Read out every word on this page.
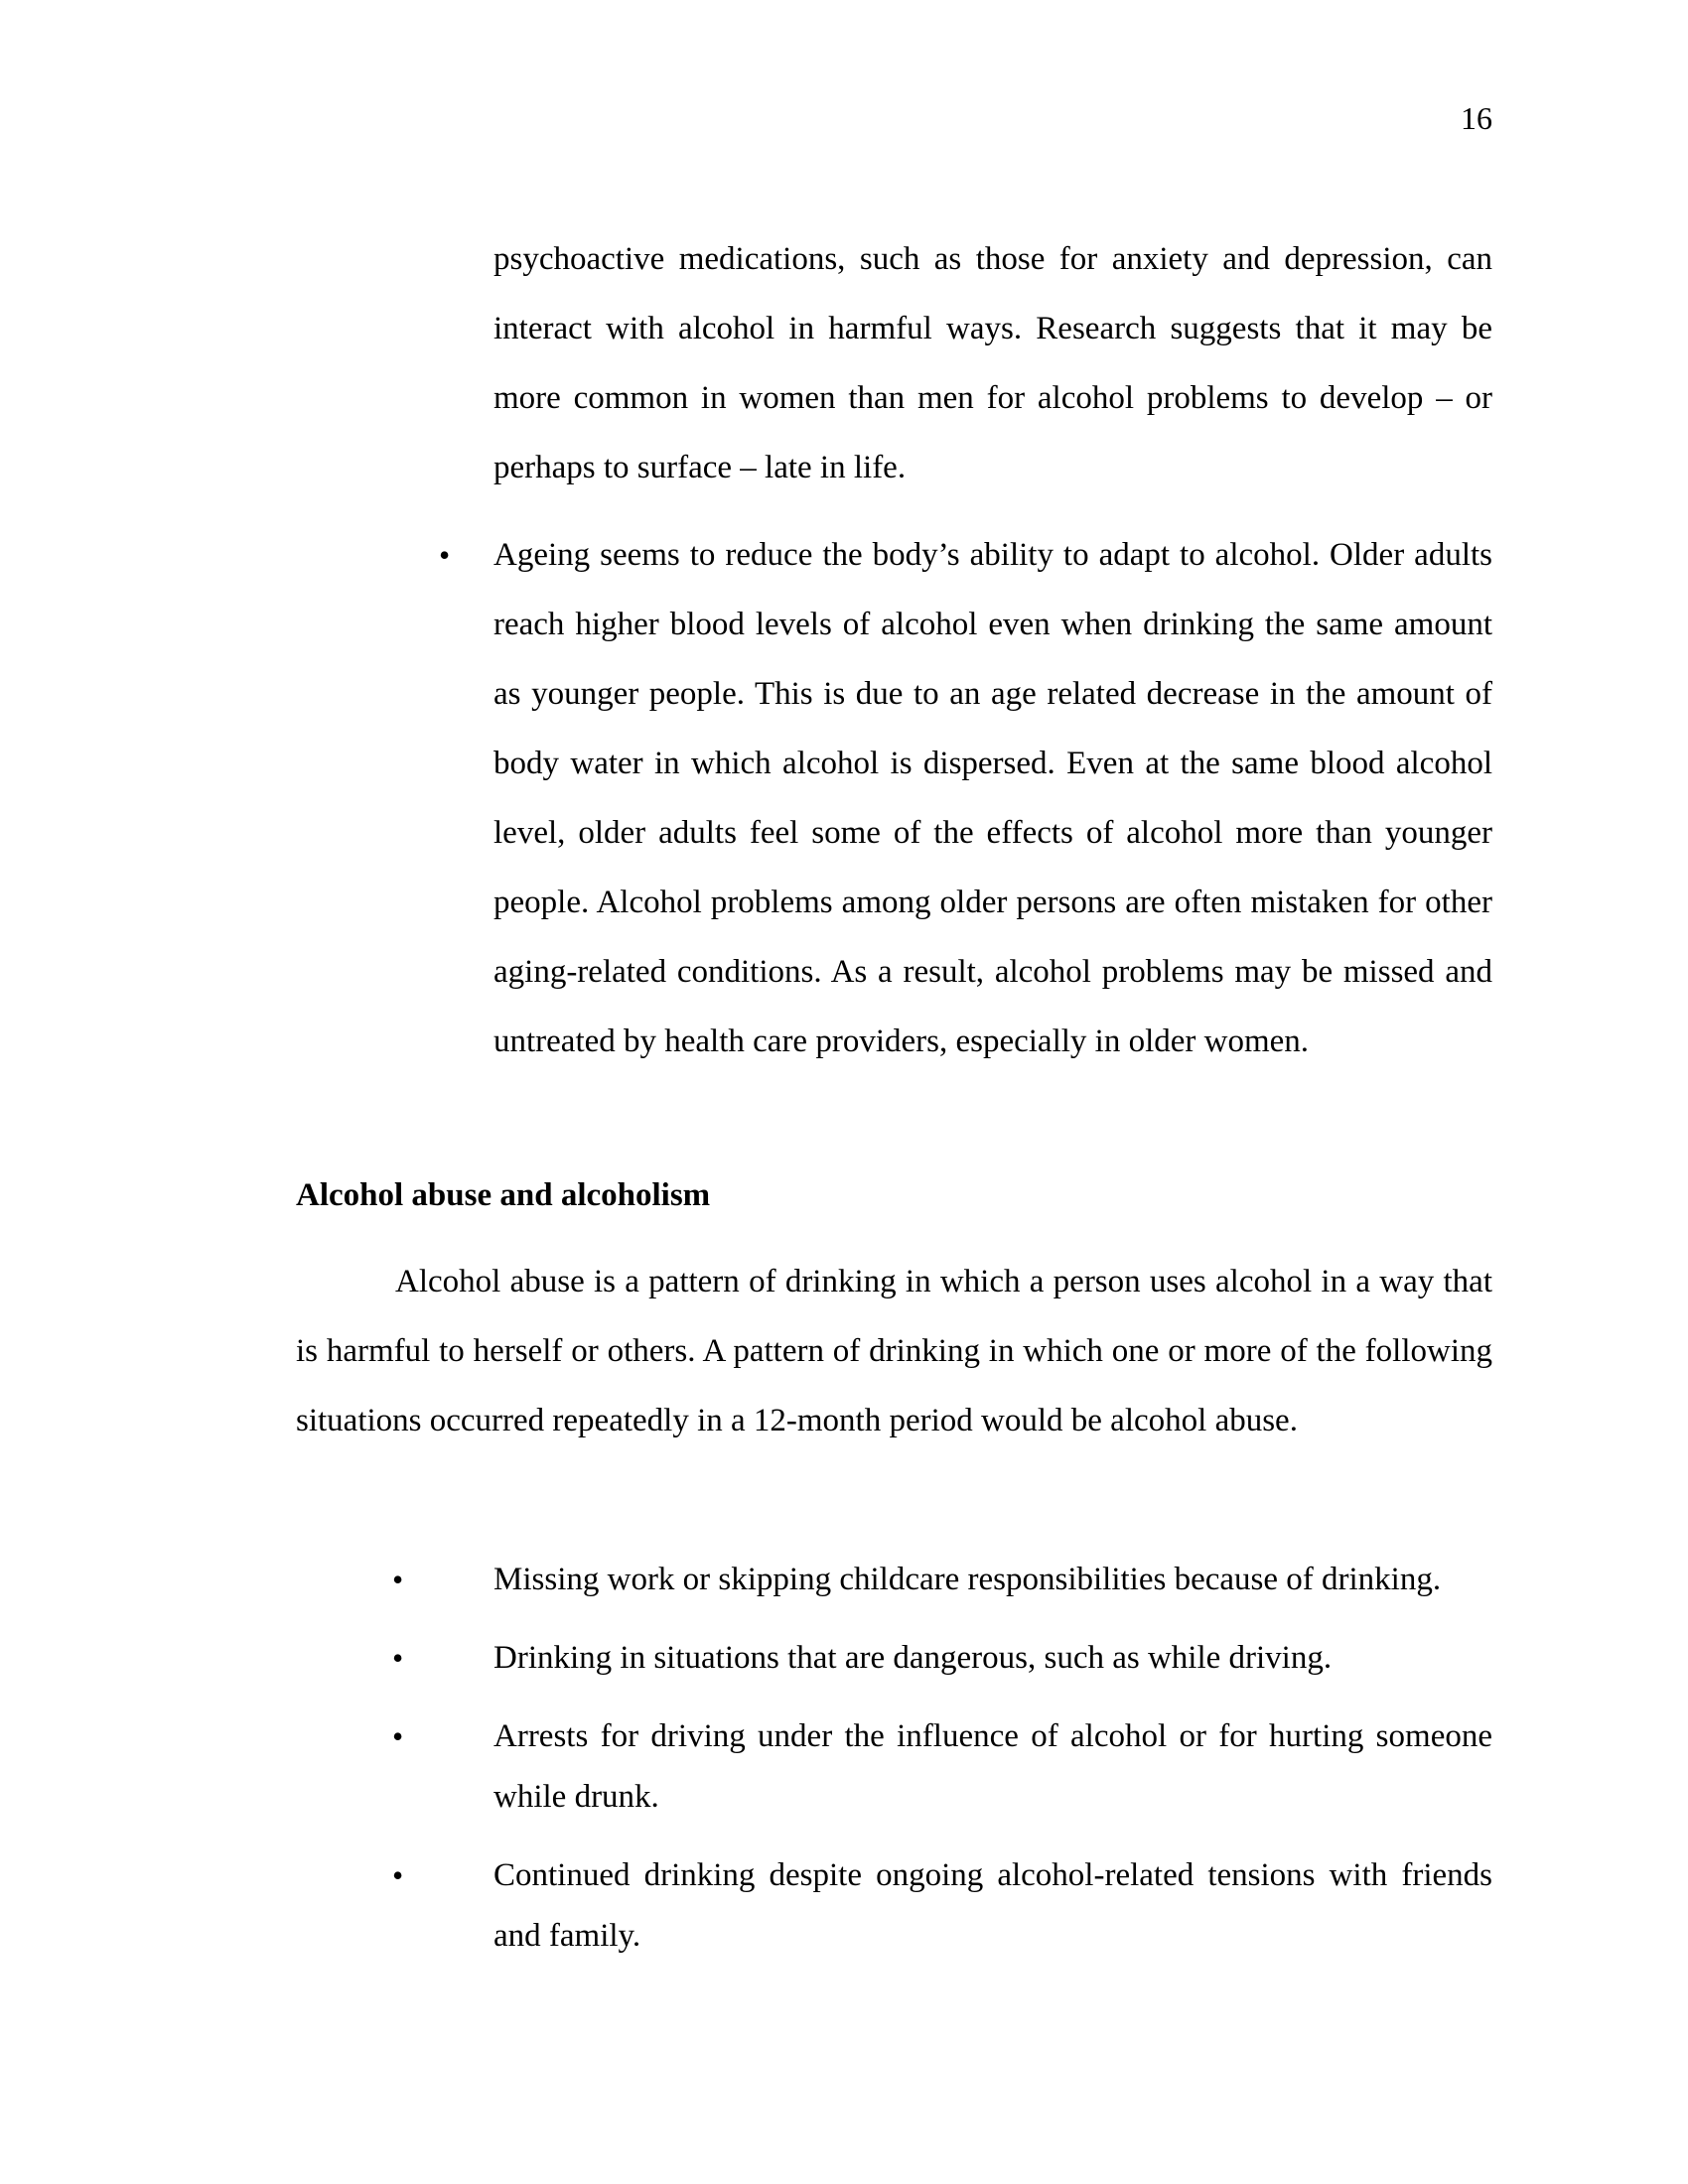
16

psychoactive medications, such as those for anxiety and depression, can interact with alcohol in harmful ways. Research suggests that it may be more common in women than men for alcohol problems to develop – or perhaps to surface – late in life.

• Ageing seems to reduce the body’s ability to adapt to alcohol. Older adults reach higher blood levels of alcohol even when drinking the same amount as younger people. This is due to an age related decrease in the amount of body water in which alcohol is dispersed. Even at the same blood alcohol level, older adults feel some of the effects of alcohol more than younger people. Alcohol problems among older persons are often mistaken for other aging-related conditions. As a result, alcohol problems may be missed and untreated by health care providers, especially in older women.

Alcohol abuse and alcoholism

Alcohol abuse is a pattern of drinking in which a person uses alcohol in a way that is harmful to herself or others. A pattern of drinking in which one or more of the following situations occurred repeatedly in a 12-month period would be alcohol abuse.

•	Missing work or skipping childcare responsibilities because of drinking.
•	Drinking in situations that are dangerous, such as while driving.
•	Arrests for driving under the influence of alcohol or for hurting someone while drunk.
•	Continued drinking despite ongoing alcohol-related tensions with friends and family.
